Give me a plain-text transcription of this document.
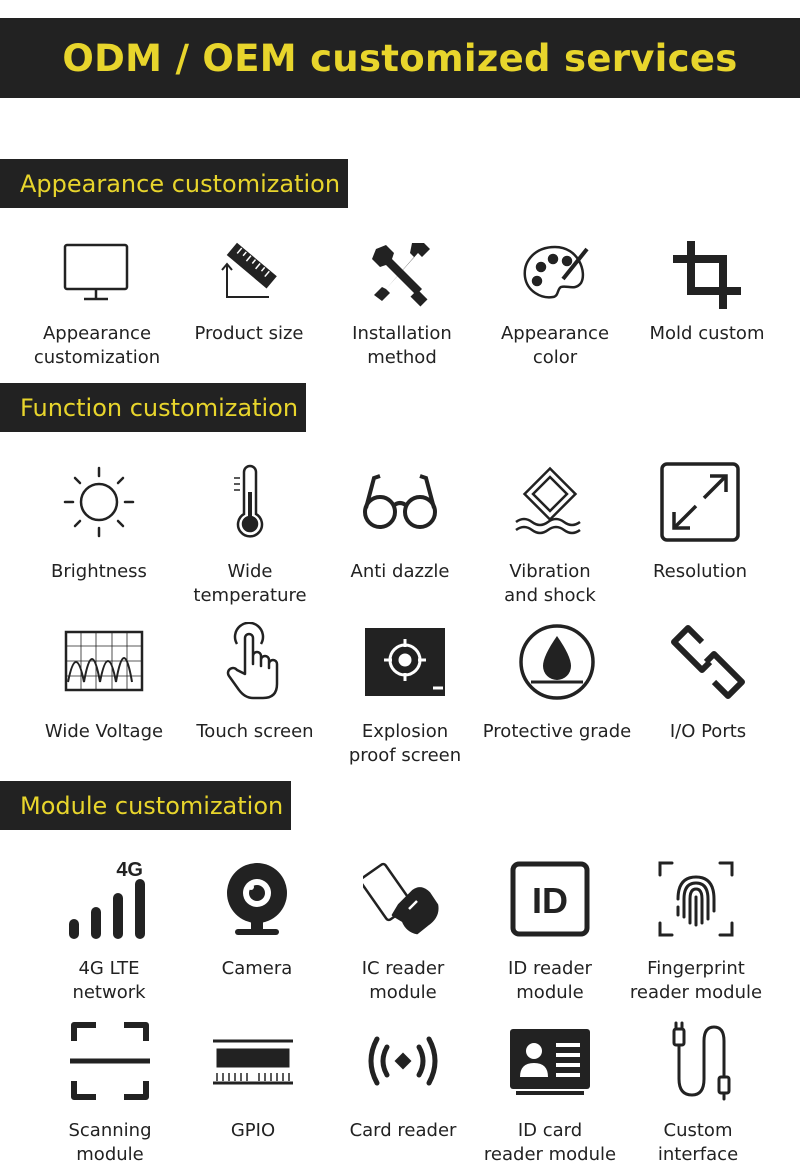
ODM / OEM customized services
Appearance customization
Appearance
customization
Product size	Installation
method
Appearance
color
Mold custom
Function customization
Brightness	Wide
temperature
Anti dazzle	Vibration
and shock
Resolution
Wide Voltage	Touch screen	Explosion
proof screen
Protective grade	I/O Ports
Module customization
4G
4G LTE
network
Camera	IC reader
module
ID
ID reader
module
Fingerprint
reader module
Scanning
module
GPIO	Card reader	ID card
reader module
Custom
interface
